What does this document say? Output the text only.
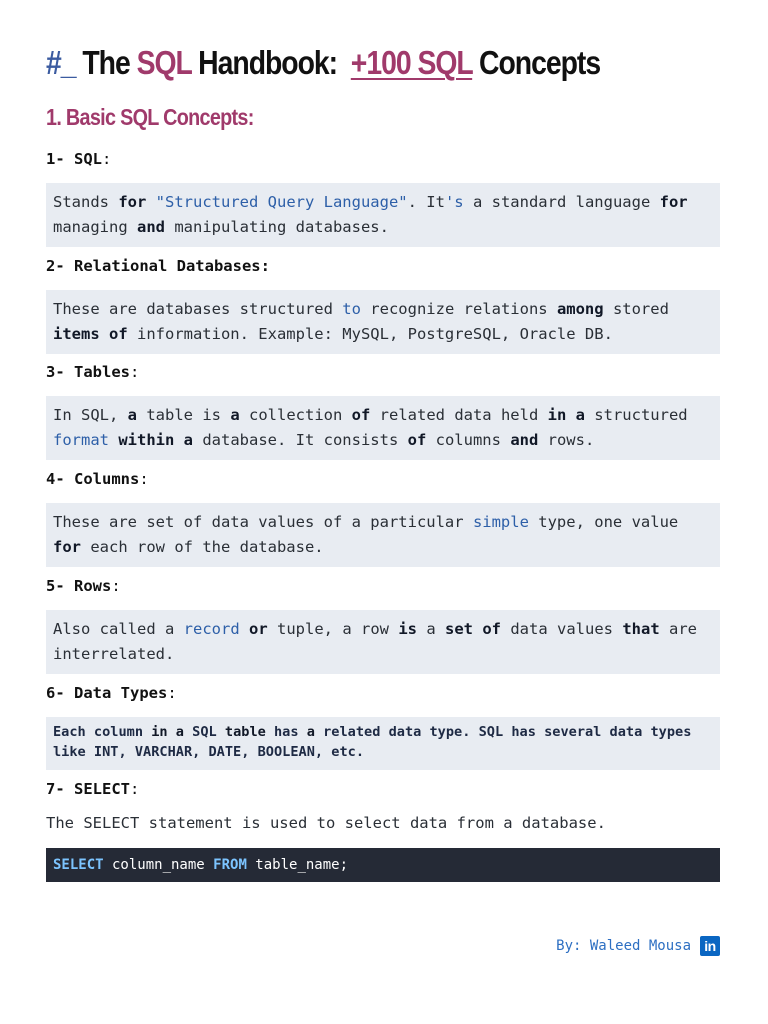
#_ The SQL Handbook: +100 SQL Concepts
1. Basic SQL Concepts:

1- SQL:

Stands for "Structured Query Language". It's a standard language for managing and manipulating databases.

2- Relational Databases:

These are databases structured to recognize relations among stored items of information. Example: MySQL, PostgreSQL, Oracle DB.

3- Tables:

In SQL, a table is a collection of related data held in a structured format within a database. It consists of columns and rows.

4- Columns:

These are set of data values of a particular simple type, one value for each row of the database.

5- Rows:

Also called a record or tuple, a row is a set of data values that are interrelated.

6- Data Types:

Each column in a SQL table has a related data type. SQL has several data types like INT, VARCHAR, DATE, BOOLEAN, etc.

7- SELECT:

The SELECT statement is used to select data from a database.

SELECT column_name FROM table_name;
By: Waleed Mousa in
